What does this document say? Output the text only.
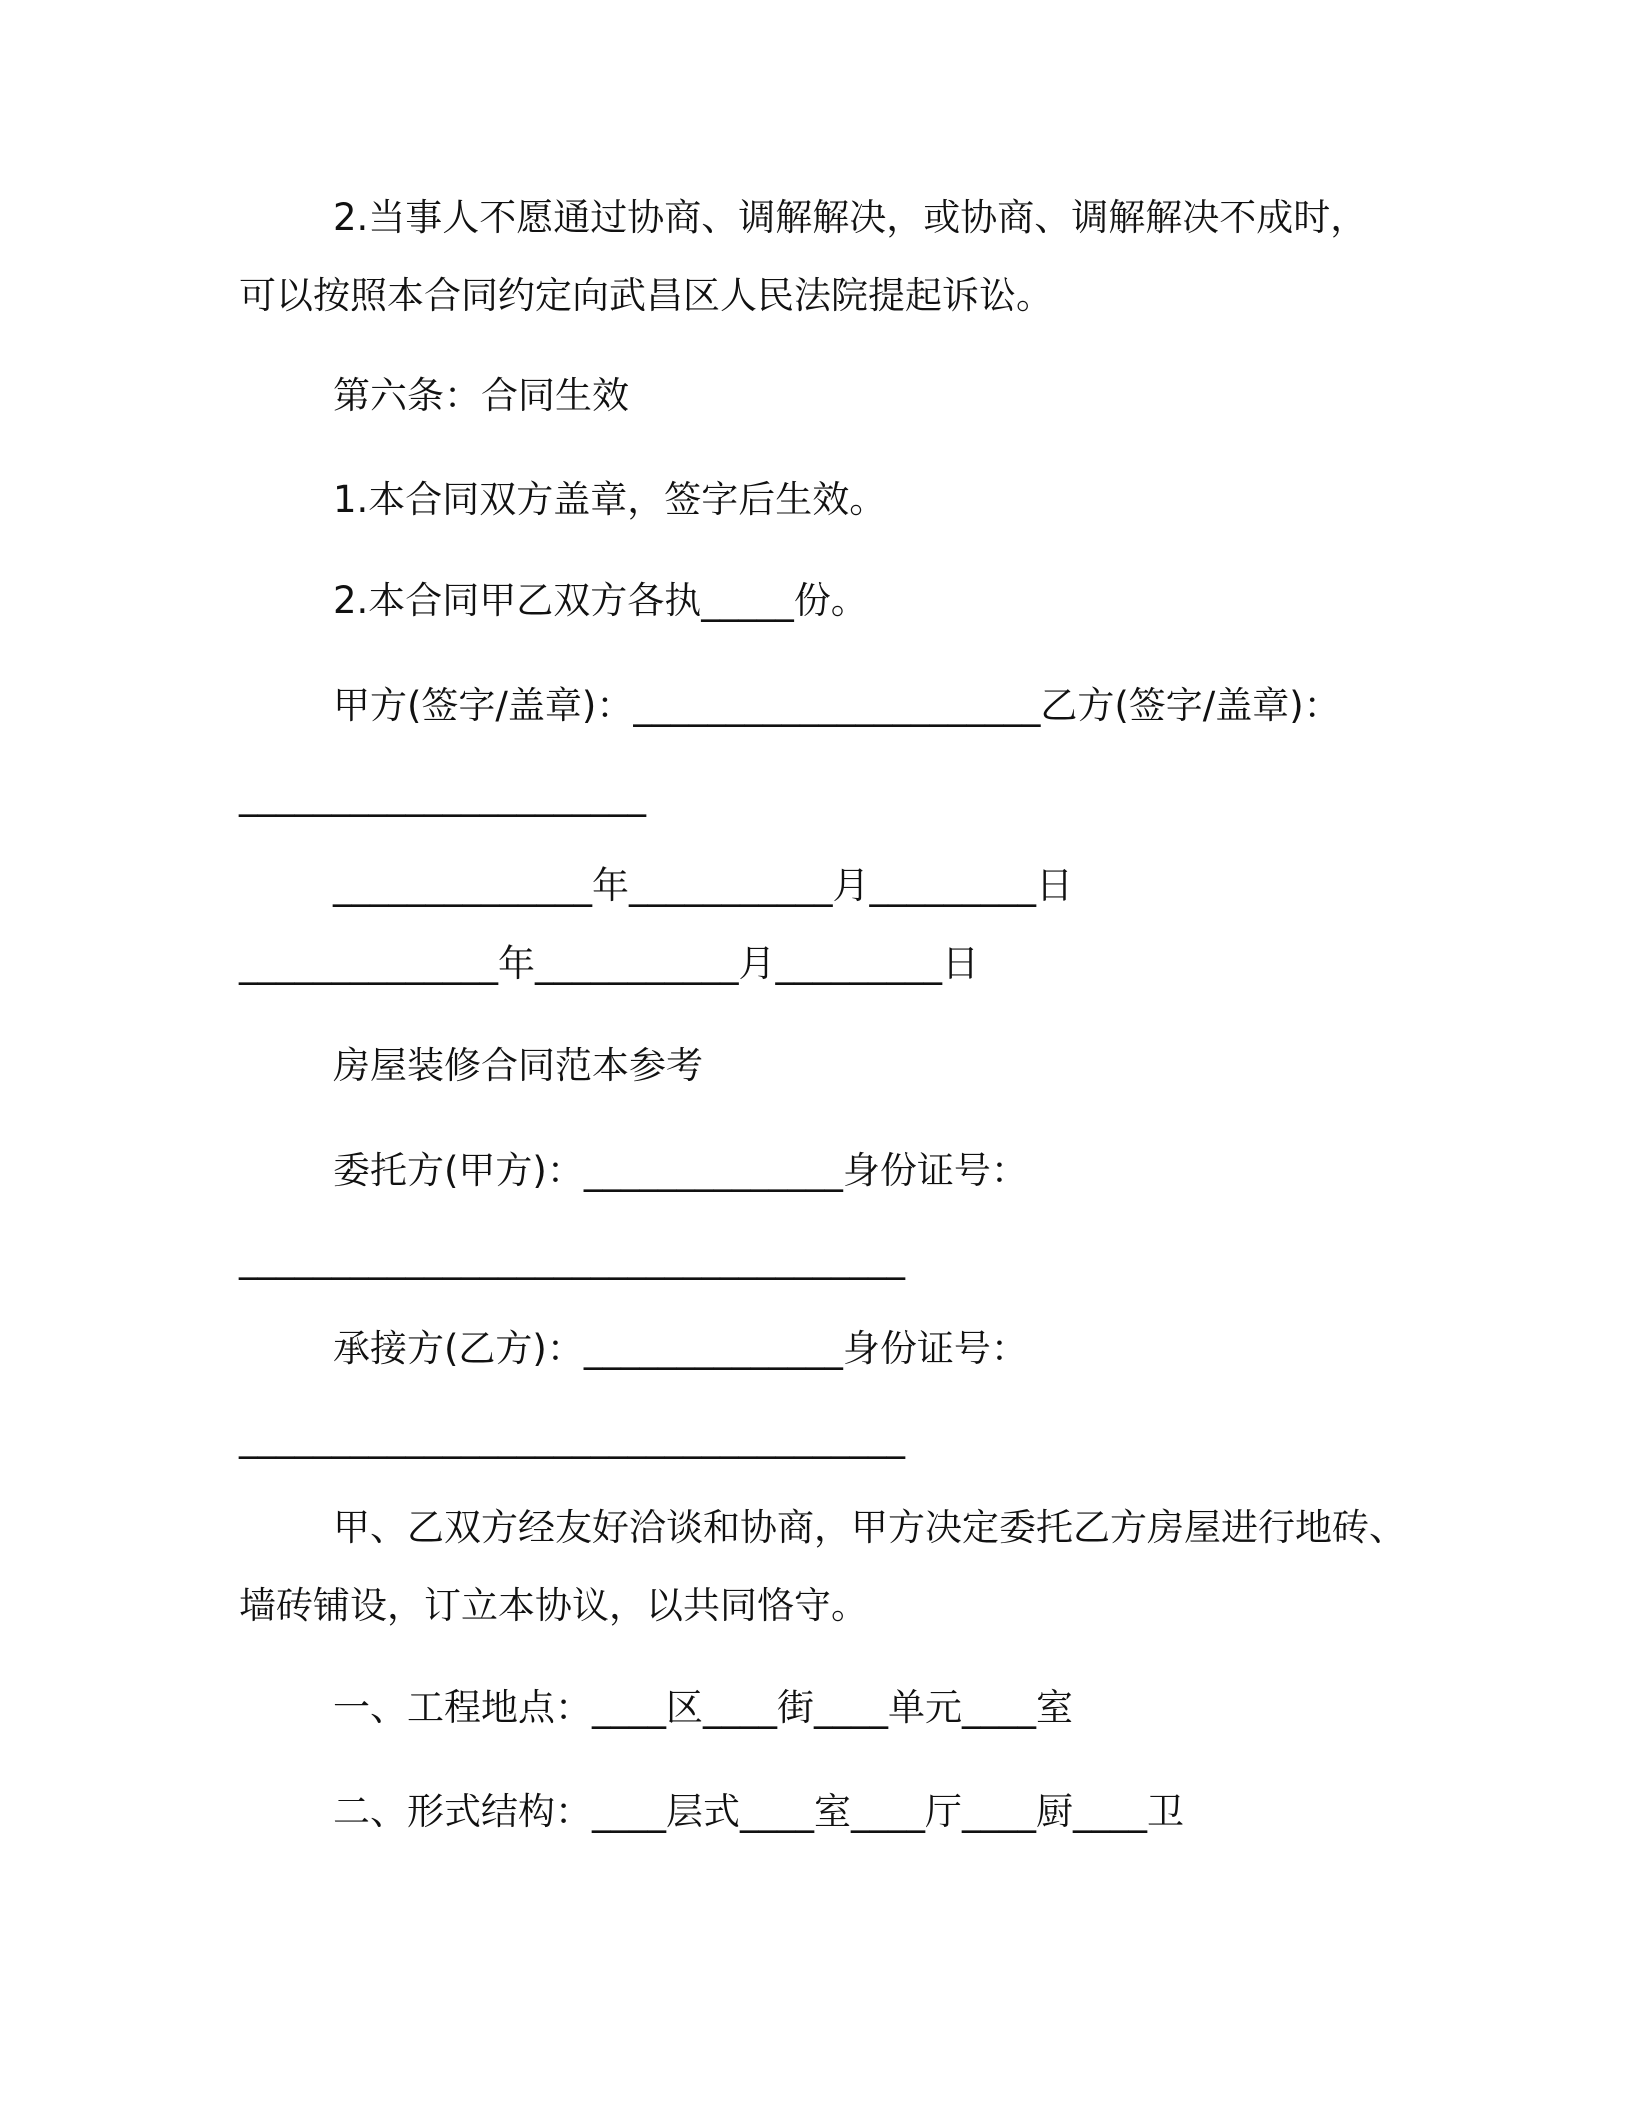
2.当事人不愿通过协商、调解解决，或协商、调解解决不成时，
可以按照本合同约定向武昌区人民法院提起诉讼。
第六条：合同生效
1.本合同双方盖章，签字后生效。
2.本合同甲乙双方各执_____份。
甲方(签字/盖章)：______________________乙方(签字/盖章)：
______________________
______________年___________月_________日
______________年___________月_________日
房屋装修合同范本参考
委托方(甲方)：______________身份证号：
____________________________________
承接方(乙方)：______________身份证号：
____________________________________
甲、乙双方经友好洽谈和协商，甲方决定委托乙方房屋进行地砖、
墙砖铺设，订立本协议，以共同恪守。
一、工程地点：____区____街____单元____室
二、形式结构：____层式____室____厅____厨____卫
